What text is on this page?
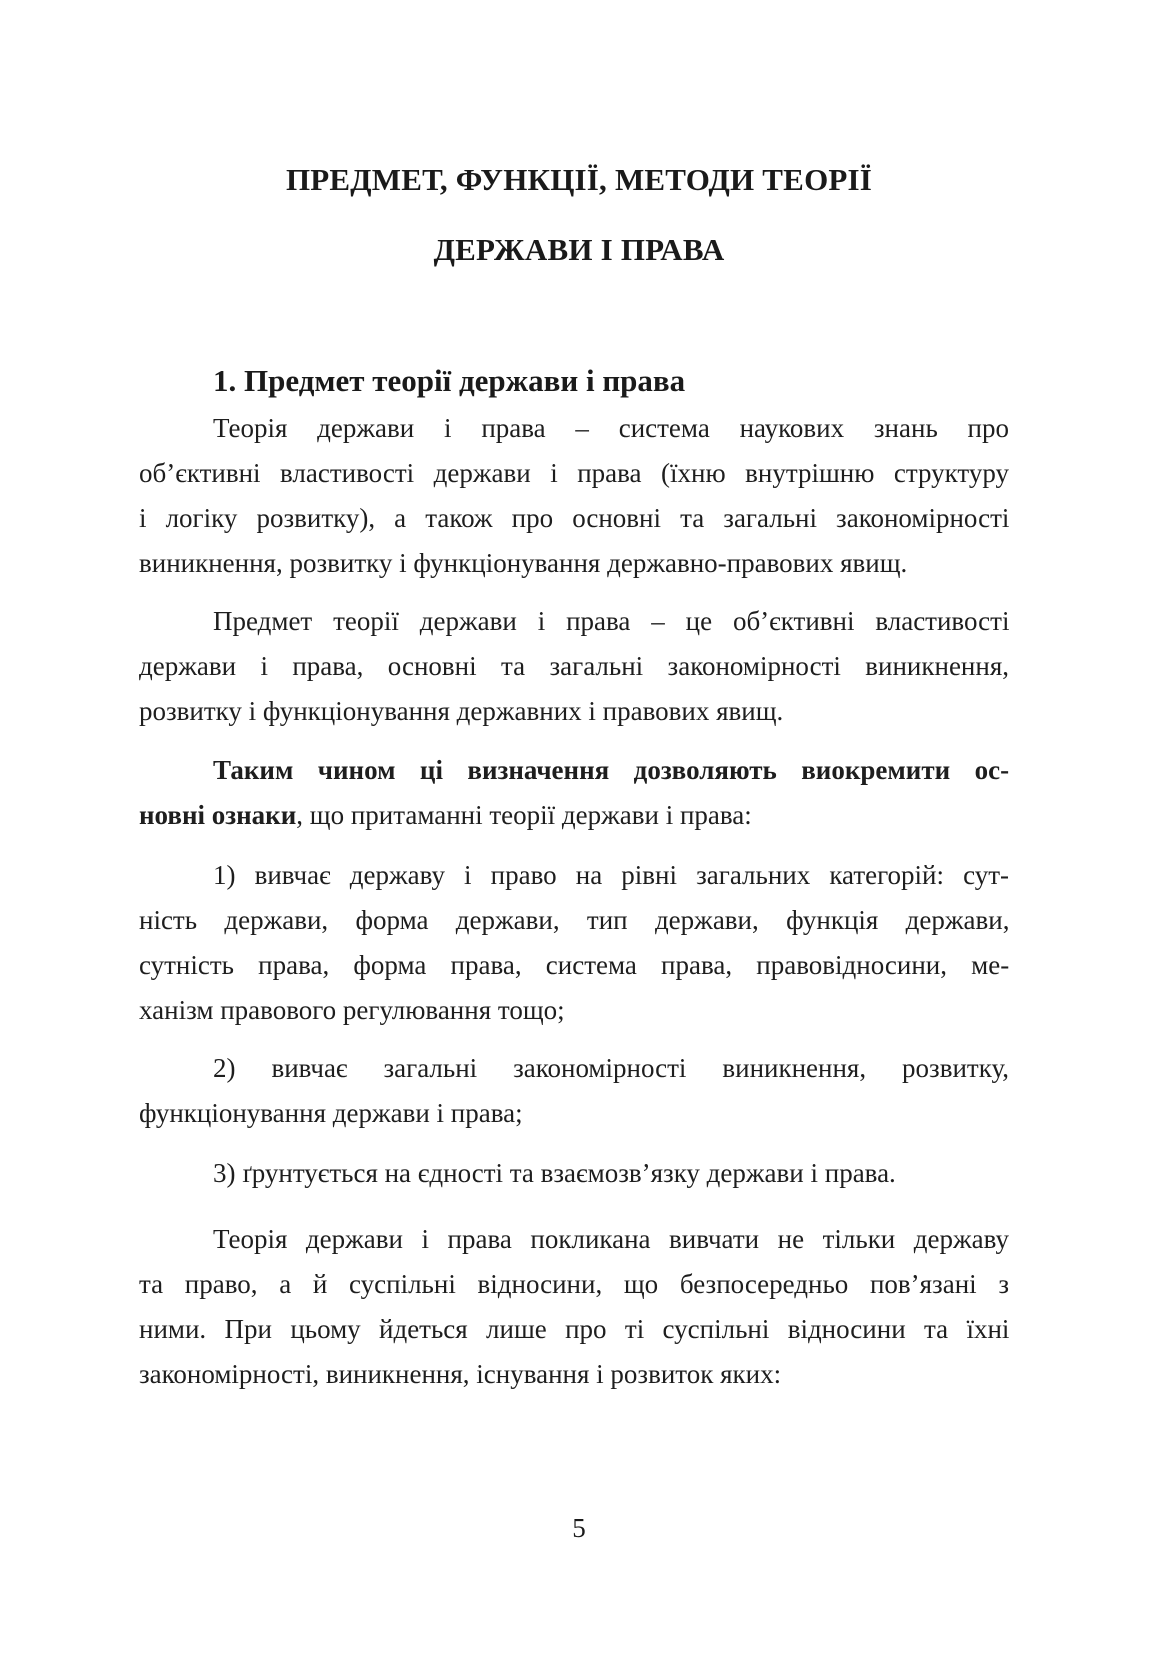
ПРЕДМЕТ, ФУНКЦІЇ, МЕТОДИ ТЕОРІЇ
ДЕРЖАВИ І ПРАВА
1. Предмет теорії держави і права
Теорія держави і права – система наукових знань про
об’єктивні властивості держави і права (їхню внутрішню структуру
і логіку розвитку), а також про основні та загальні закономірності
виникнення, розвитку і функціонування державно-правових явищ.
Предмет теорії держави і права – це об’єктивні властивості
держави і права, основні та загальні закономірності виникнення,
розвитку і функціонування державних і правових явищ.
Таким чином ці визначення дозволяють виокремити ос-
новні ознаки, що притаманні теорії держави і права:
1) вивчає державу і право на рівні загальних категорій: сут-
ність держави, форма держави, тип держави, функція держави,
сутність права, форма права, система права, правовідносини, ме-
ханізм правового регулювання тощо;
2) вивчає загальні закономірності виникнення, розвитку,
функціонування держави і права;
3) ґрунтується на єдності та взаємозв’язку держави і права.
Теорія держави і права покликана вивчати не тільки державу
та право, а й суспільні відносини, що безпосередньо пов’язані з
ними. При цьому йдеться лише про ті суспільні відносини та їхні
закономірності, виникнення, існування і розвиток яких:
5
